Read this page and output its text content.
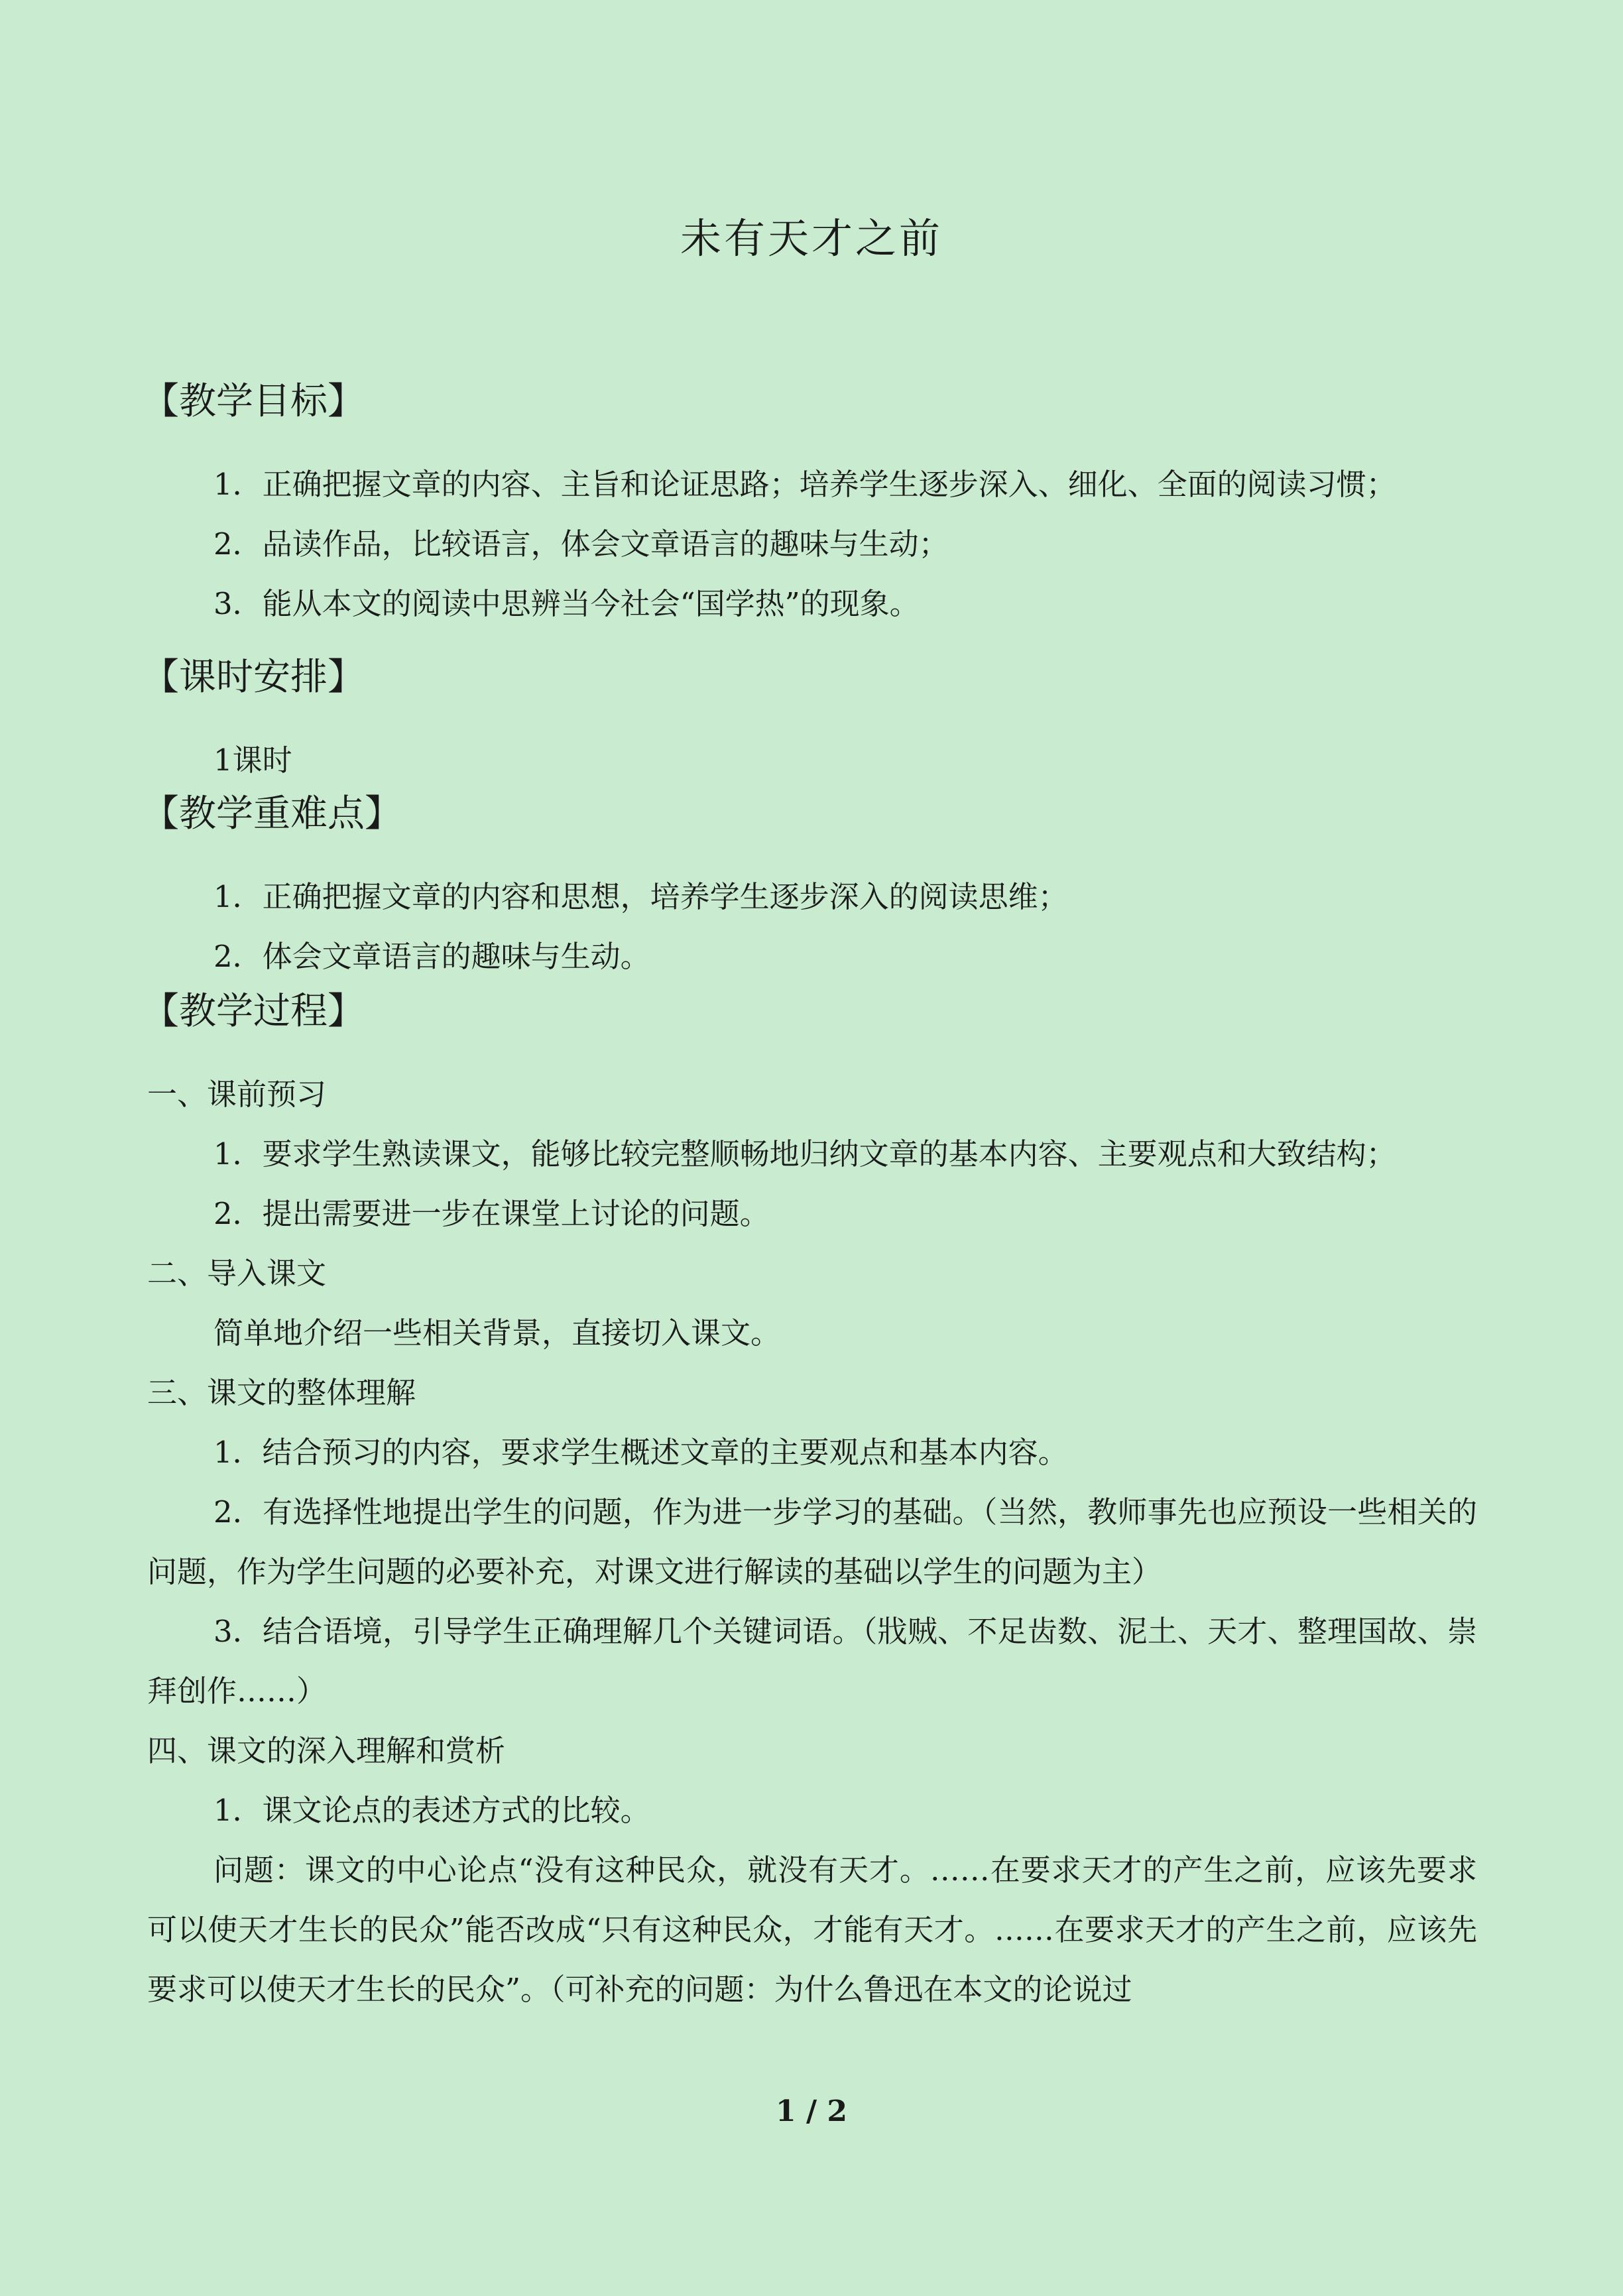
未有天才之前
【教学目标】
1．正确把握文章的内容、主旨和论证思路；培养学生逐步深入、细化、全面的阅读习惯；
2．品读作品，比较语言，体会文章语言的趣味与生动；
3．能从本文的阅读中思辨当今社会“国学热”的现象。
【课时安排】
1课时
【教学重难点】
1．正确把握文章的内容和思想，培养学生逐步深入的阅读思维；
2．体会文章语言的趣味与生动。
【教学过程】
一、课前预习
1．要求学生熟读课文，能够比较完整顺畅地归纳文章的基本内容、主要观点和大致结构；
2．提出需要进一步在课堂上讨论的问题。
二、导入课文
简单地介绍一些相关背景，直接切入课文。
三、课文的整体理解
1．结合预习的内容，要求学生概述文章的主要观点和基本内容。
2．有选择性地提出学生的问题，作为进一步学习的基础。（当然，教师事先也应预设一些相关的问题，作为学生问题的必要补充，对课文进行解读的基础以学生的问题为主）
3．结合语境，引导学生正确理解几个关键词语。（戕贼、不足齿数、泥土、天才、整理国故、崇拜创作……）
四、课文的深入理解和赏析
1．课文论点的表述方式的比较。
问题：课文的中心论点“没有这种民众，就没有天才。……在要求天才的产生之前，应该先要求可以使天才生长的民众”能否改成“只有这种民众，才能有天才。……在要求天才的产生之前，应该先要求可以使天才生长的民众”。（可补充的问题：为什么鲁迅在本文的论说过
1 / 2
